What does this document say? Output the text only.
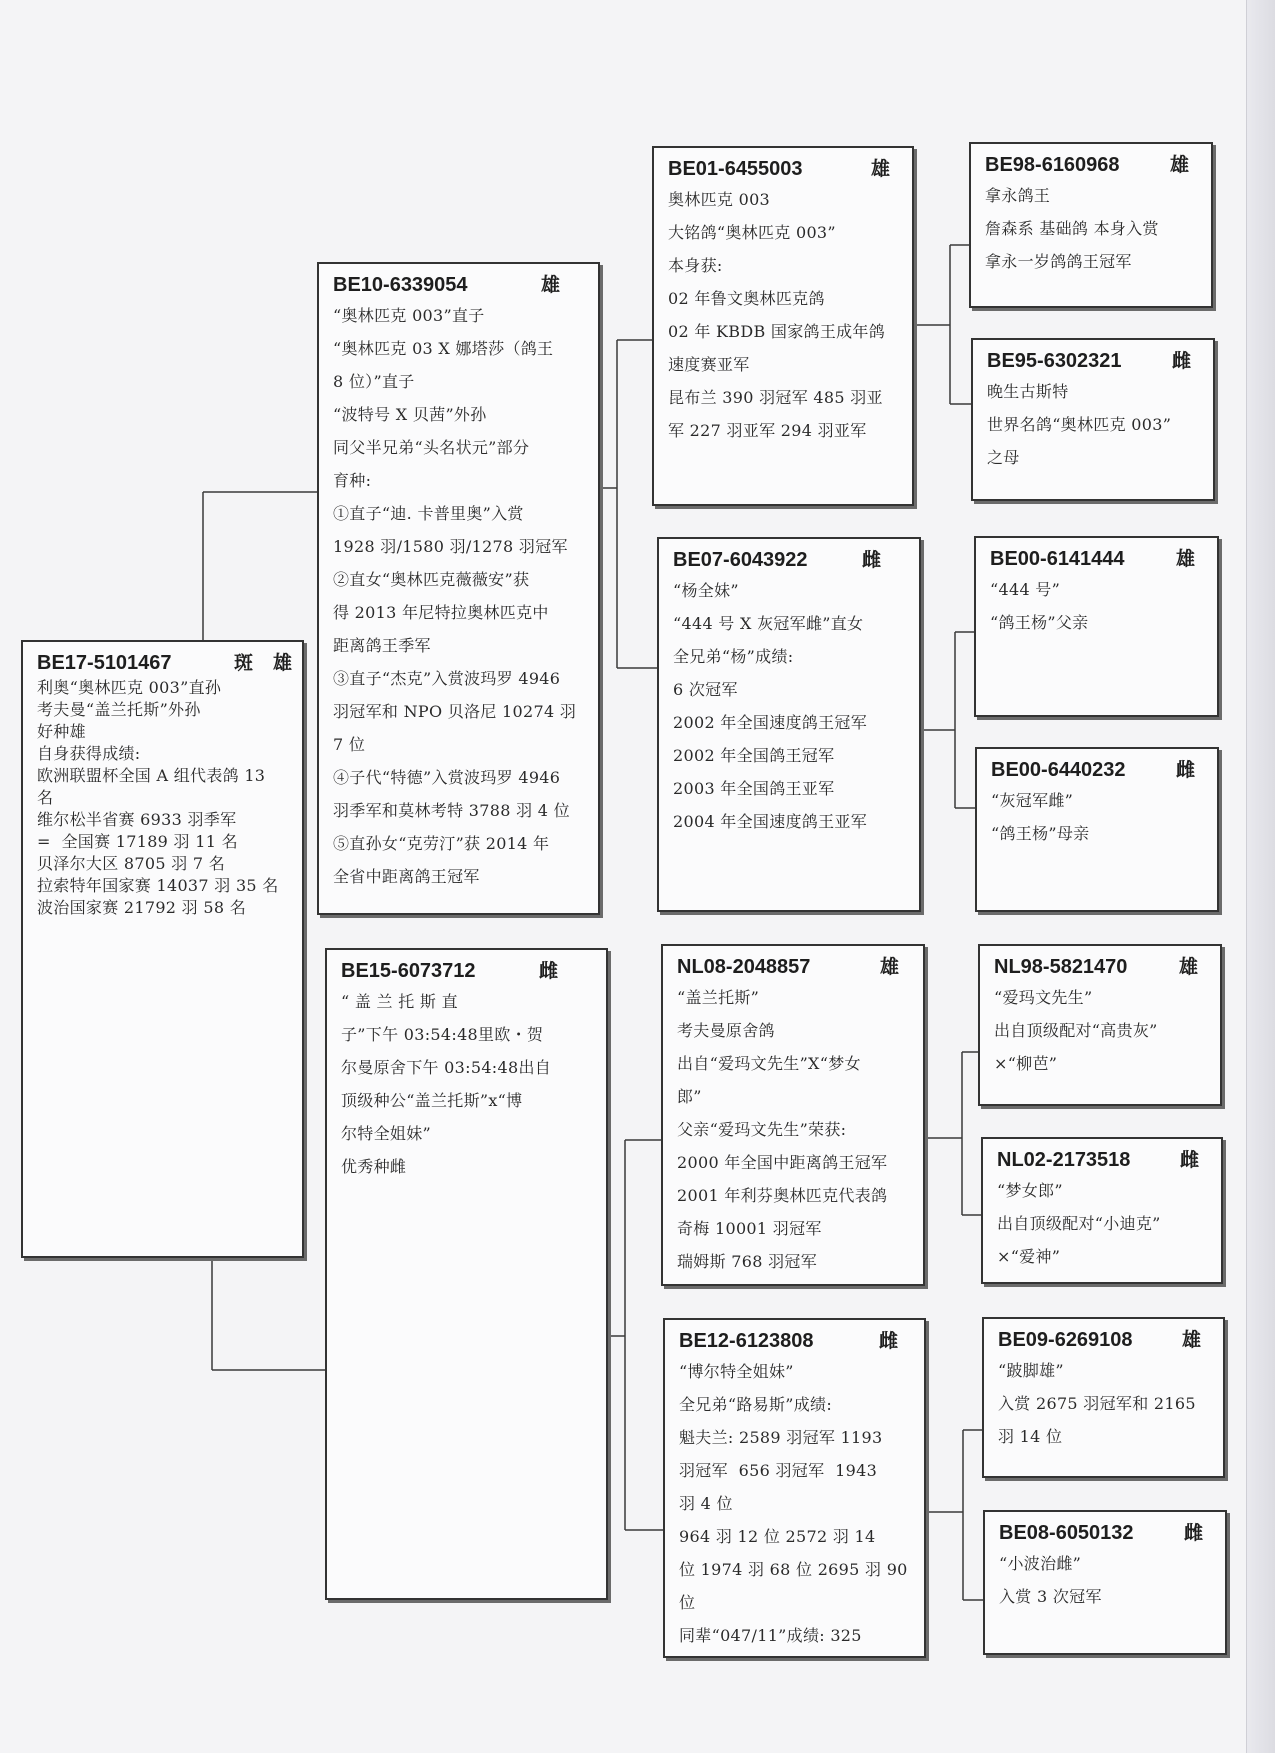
BE17-5101467	斑	雄
利奥“奥林匹克 003”直孙
考夫曼“盖兰托斯”外孙
好种雄
自身获得成绩:
欧洲联盟杯全国 A 组代表鸽 13
名
维尔松半省赛 6933 羽季军
=  全国赛 17189 羽 11 名
贝泽尔大区 8705 羽 7 名
拉索特年国家赛 14037 羽 35 名
波治国家赛 21792 羽 58 名
BE10-6339054	雄
“奥林匹克 003”直子
“奥林匹克 03 X 娜塔莎（鸽王
8 位）”直子
“波特号 X 贝茜”外孙
同父半兄弟“头名状元”部分
育种:
①直子“迪. 卡普里奥”入赏
1928 羽/1580 羽/1278 羽冠军
②直女“奥林匹克薇薇安”获
得 2013 年尼特拉奥林匹克中
距离鸽王季军
③直子“杰克”入赏波玛罗 4946
羽冠军和 NPO 贝洛尼 10274 羽
7 位
④子代“特德”入赏波玛罗 4946
羽季军和莫林考特 3788 羽 4 位
⑤直孙女“克劳汀”获 2014 年
全省中距离鸽王冠军
BE15-6073712	雌
“ 盖 兰 托 斯 直
子”下午 03:54:48里欧・贺
尔曼原舍下午 03:54:48出自
顶级种公“盖兰托斯”x“博
尔特全姐妹”
优秀种雌
BE01-6455003	雄
奥林匹克 003
大铭鸽“奥林匹克 003”
本身获:
02 年鲁文奥林匹克鸽
02 年 KBDB 国家鸽王成年鸽
速度赛亚军
昆布兰 390 羽冠军 485 羽亚
军 227 羽亚军 294 羽亚军
BE07-6043922	雌
“杨全妹”
“444 号 X 灰冠军雌”直女
全兄弟“杨”成绩:
6 次冠军
2002 年全国速度鸽王冠军
2002 年全国鸽王冠军
2003 年全国鸽王亚军
2004 年全国速度鸽王亚军
NL08-2048857	雄
“盖兰托斯”
考夫曼原舍鸽
出自“爱玛文先生”X“梦女
郎”
父亲“爱玛文先生”荣获:
2000 年全国中距离鸽王冠军
2001 年利芬奥林匹克代表鸽
奇梅 10001 羽冠军
瑞姆斯 768 羽冠军
BE12-6123808	雌
“博尔特全姐妹”
全兄弟“路易斯”成绩:
魁夫兰: 2589 羽冠军 1193
羽冠军  656 羽冠军  1943
羽 4 位
964 羽 12 位 2572 羽 14
位 1974 羽 68 位 2695 羽 90
位
同辈“047/11”成绩: 325
BE98-6160968	雄
拿永鸽王
詹森系 基础鸽 本身入赏
拿永一岁鸽鸽王冠军
BE95-6302321	雌
晚生古斯特
世界名鸽“奥林匹克 003”
之母
BE00-6141444	雄
“444 号”
“鸽王杨”父亲
BE00-6440232	雌
“灰冠军雌”
“鸽王杨”母亲
NL98-5821470	雄
“爱玛文先生”
出自顶级配对“高贵灰”
×“柳芭”
NL02-2173518	雌
“梦女郎”
出自顶级配对“小迪克”
×“爱神”
BE09-6269108	雄
“跛脚雄”
入赏 2675 羽冠军和 2165
羽 14 位
BE08-6050132	雌
“小波治雌”
入赏 3 次冠军
